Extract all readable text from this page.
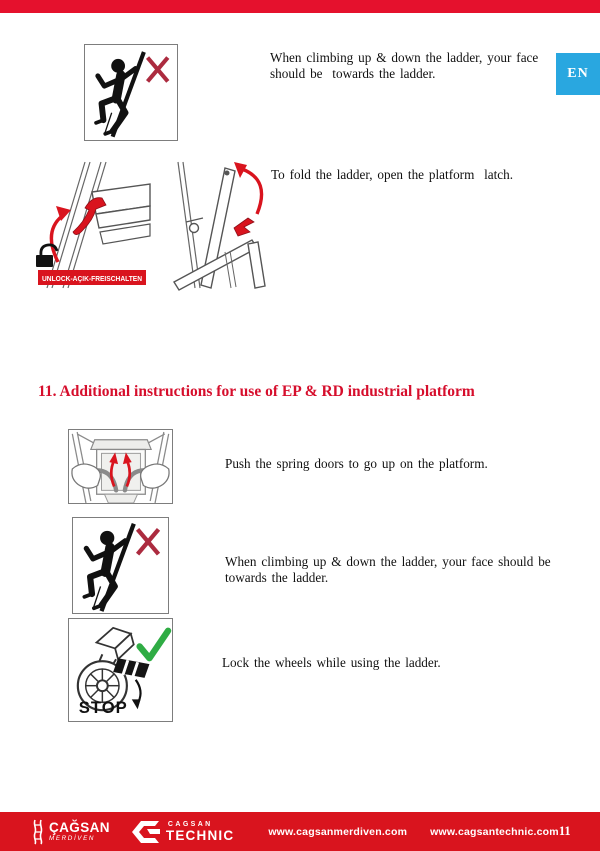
EN
When climbing up & down the ladder, your face
should be  towards the ladder.
UNLOCK-AÇIK-FREISCHALTEN
To fold the ladder, open the platform  latch.
11. Additional instructions for use of EP & RD industrial platform
Push the spring doors to go up on the platform.
When climbing up & down the ladder, your face should be
towards the ladder.
STOP
Lock the wheels while using the ladder.
ÇAĞSAN
MERDİVEN
CAGSAN
TECHNIC	www.cagsanmerdiven.com www.cagsantechnic.com 11
